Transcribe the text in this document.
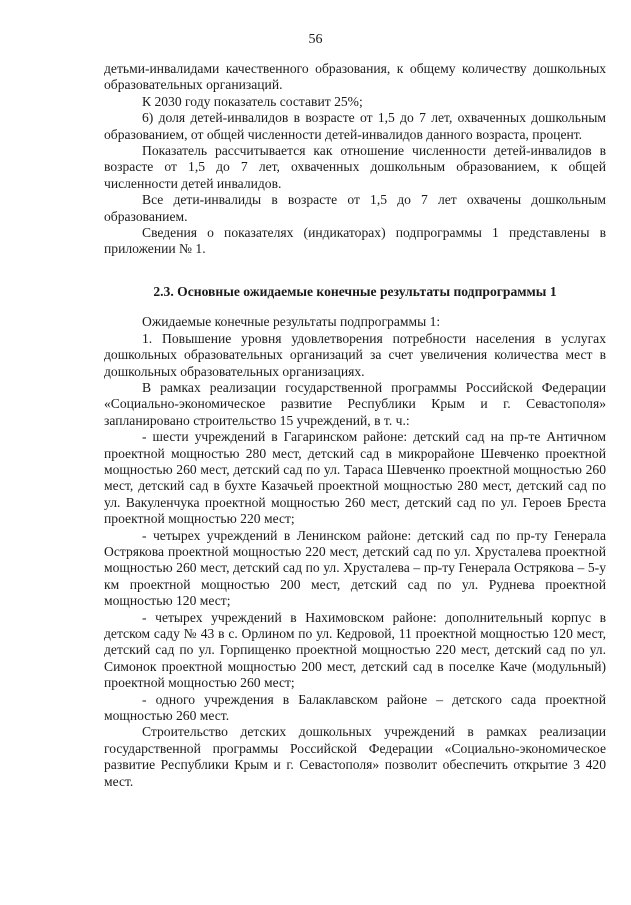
56

детьми-инвалидами качественного образования, к общему количеству дошкольных образовательных организаций.

К 2030 году показатель составит 25%;

6) доля детей-инвалидов в возрасте от 1,5 до 7 лет, охваченных дошкольным образованием, от общей численности детей-инвалидов данного возраста, процент.

Показатель рассчитывается как отношение численности детей-инвалидов в возрасте от 1,5 до 7 лет, охваченных дошкольным образованием, к общей численности детей инвалидов.

Все дети-инвалиды в возрасте от 1,5 до 7 лет охвачены дошкольным образованием.

Сведения о показателях (индикаторах) подпрограммы 1 представлены в приложении № 1.

2.3. Основные ожидаемые конечные результаты подпрограммы 1

Ожидаемые конечные результаты подпрограммы 1:

1. Повышение уровня удовлетворения потребности населения в услугах дошкольных образовательных организаций за счет увеличения количества мест в дошкольных образовательных организациях.

В рамках реализации государственной программы Российской Федерации «Социально-экономическое развитие Республики Крым и г. Севастополя» запланировано строительство 15 учреждений, в т. ч.:

- шести учреждений в Гагаринском районе: детский сад на пр-те Античном проектной мощностью 280 мест, детский сад в микрорайоне Шевченко проектной мощностью 260 мест, детский сад по ул. Тараса Шевченко проектной мощностью 260 мест, детский сад в бухте Казачьей проектной мощностью 280 мест, детский сад по ул. Вакуленчука проектной мощностью 260 мест, детский сад по ул. Героев Бреста проектной мощностью 220 мест;

- четырех учреждений в Ленинском районе: детский сад по пр-ту Генерала Острякова проектной мощностью 220 мест, детский сад по ул. Хрусталева проектной мощностью 260 мест, детский сад по ул. Хрусталева – пр-ту Генерала Острякова – 5-у км проектной мощностью 200 мест, детский сад по ул. Руднева проектной мощностью 120 мест;

- четырех учреждений в Нахимовском районе: дополнительный корпус в детском саду № 43 в с. Орлином по ул. Кедровой, 11 проектной мощностью 120 мест, детский сад по ул. Горпищенко проектной мощностью 220 мест, детский сад по ул. Симонок проектной мощностью 200 мест, детский сад в поселке Каче (модульный) проектной мощностью 260 мест;

- одного учреждения в Балаклавском районе – детского сада проектной мощностью 260 мест.

Строительство детских дошкольных учреждений в рамках реализации государственной программы Российской Федерации «Социально-экономическое развитие Республики Крым и г. Севастополя» позволит обеспечить открытие 3 420 мест.
